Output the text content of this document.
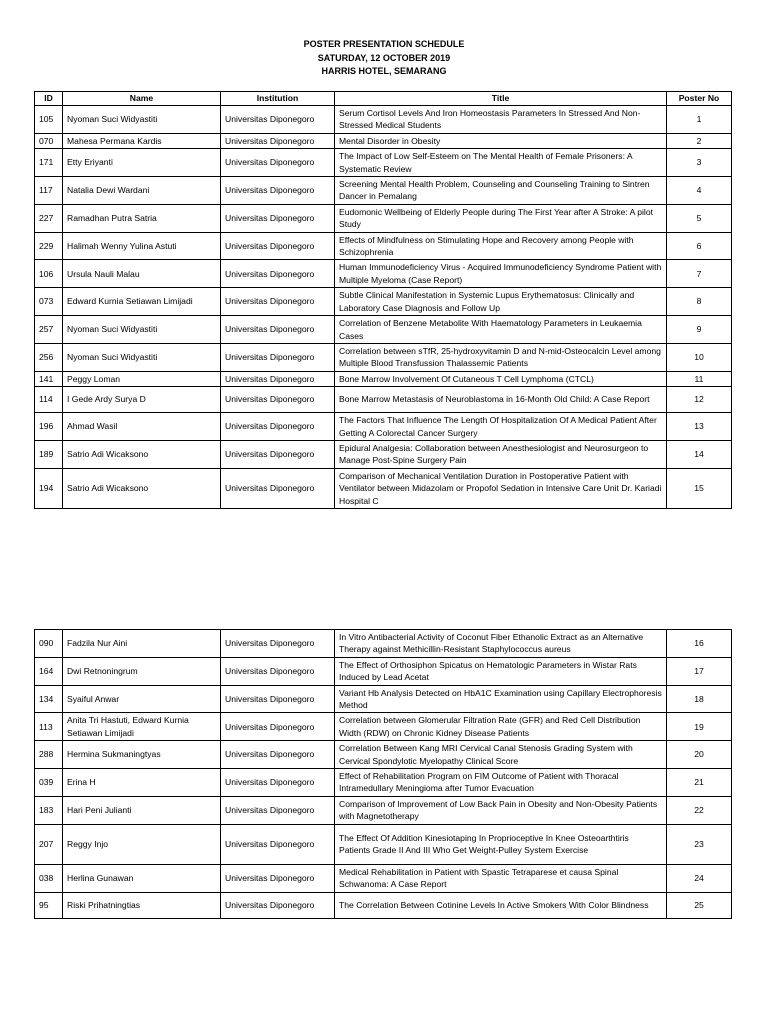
POSTER PRESENTATION SCHEDULE
SATURDAY, 12 OCTOBER 2019
HARRIS HOTEL, SEMARANG
ID	Name	Institution	Title	Poster No
105	Nyoman Suci Widyastiti	Universitas Diponegoro	Serum Cortisol Levels And Iron Homeostasis Parameters In Stressed And Non-Stressed Medical Students	1
070	Mahesa Permana Kardis	Universitas Diponegoro	Mental Disorder in Obesity	2
171	Etty Eriyanti	Universitas Diponegoro	The Impact of Low Self-Esteem on The Mental Health of Female Prisoners: A Systematic Review	3
117	Natalia Dewi Wardani	Universitas Diponegoro	Screening Mental Health Problem, Counseling and Counseling Training to Sintren Dancer in Pemalang	4
227	Ramadhan Putra Satria	Universitas Diponegoro	Eudomonic Wellbeing of Elderly People during The First Year after A Stroke: A pilot Study	5
229	Halimah Wenny Yulina Astuti	Universitas Diponegoro	Effects of Mindfulness on Stimulating Hope and Recovery among People with Schizophrenia	6
106	Ursula Nauli Malau	Universitas Diponegoro	Human Immunodeficiency Virus - Acquired Immunodeficiency Syndrome Patient with Multiple Myeloma (Case Report)	7
073	Edward Kurnia Setiawan Limijadi	Universitas Diponegoro	Subtle Clinical Manifestation in Systemic Lupus Erythematosus: Clinically and Laboratory Case Diagnosis and Follow Up	8
257	Nyoman Suci Widyastiti	Universitas Diponegoro	Correlation of Benzene Metabolite With Haematology Parameters in Leukaemia Cases	9
256	Nyoman Suci Widyastiti	Universitas Diponegoro	Correlation between sTfR, 25-hydroxyvitamin D and N-mid-Osteocalcin Level among Multiple Blood Transfussion Thalassemic Patients	10
141	Peggy Loman	Universitas Diponegoro	Bone Marrow Involvement Of Cutaneous T Cell Lymphoma (CTCL)	11
114	I Gede Ardy Surya D	Universitas Diponegoro	Bone Marrow Metastasis of Neuroblastoma in 16-Month Old Child: A Case Report	12
196	Ahmad Wasil	Universitas Diponegoro	The Factors That Influence The Length Of Hospitalization Of A Medical Patient After Getting A Colorectal Cancer Surgery	13
189	Satrio Adi Wicaksono	Universitas Diponegoro	Epidural Analgesia: Collaboration between Anesthesiologist and Neurosurgeon to Manage Post-Spine Surgery Pain	14
194	Satrio Adi Wicaksono	Universitas Diponegoro	Comparison of Mechanical Ventilation Duration in Postoperative Patient with Ventilator between Midazolam or Propofol Sedation in Intensive Care Unit Dr. Kariadi Hospital C	15
090	Fadzila Nur Aini	Universitas Diponegoro	In Vitro Antibacterial Activity of Coconut Fiber Ethanolic Extract as an Alternative Therapy against Methicillin-Resistant Staphylococcus aureus	16
164	Dwi Retnoningrum	Universitas Diponegoro	The Effect of Orthosiphon Spicatus on Hematologic Parameters in Wistar Rats Induced by Lead Acetat	17
134	Syaiful Anwar	Universitas Diponegoro	Variant Hb Analysis Detected on HbA1C Examination using Capillary Electrophoresis Method	18
113	Anita Tri Hastuti, Edward Kurnia Setiawan Limijadi	Universitas Diponegoro	Correlation between Glomerular Filtration Rate (GFR) and Red Cell Distribution Width (RDW) on Chronic Kidney Disease Patients	19
288	Hermina Sukmaningtyas	Universitas Diponegoro	Correlation Between Kang MRI Cervical Canal Stenosis Grading System with Cervical Spondylotic Myelopathy Clinical Score	20
039	Erina H	Universitas Diponegoro	Effect of Rehabilitation Program on FIM Outcome of Patient with Thoracal Intramedullary Meningioma after Tumor Evacuation	21
183	Hari Peni Julianti	Universitas Diponegoro	Comparison of Improvement of Low Back Pain in Obesity and Non-Obesity Patients with Magnetotherapy	22
207	Reggy Injo	Universitas Diponegoro	The Effect Of Addition Kinesiotaping In Proprioceptive In Knee Osteoarthtiris Patients Grade II And III Who Get Weight-Pulley System Exercise	23
038	Herlina Gunawan	Universitas Diponegoro	Medical Rehabilitation in Patient with Spastic Tetraparese et causa Spinal Schwanoma: A Case Report	24
95	Riski Prihatningtias	Universitas Diponegoro	The Correlation Between Cotinine Levels In Active Smokers With Color Blindness	25
